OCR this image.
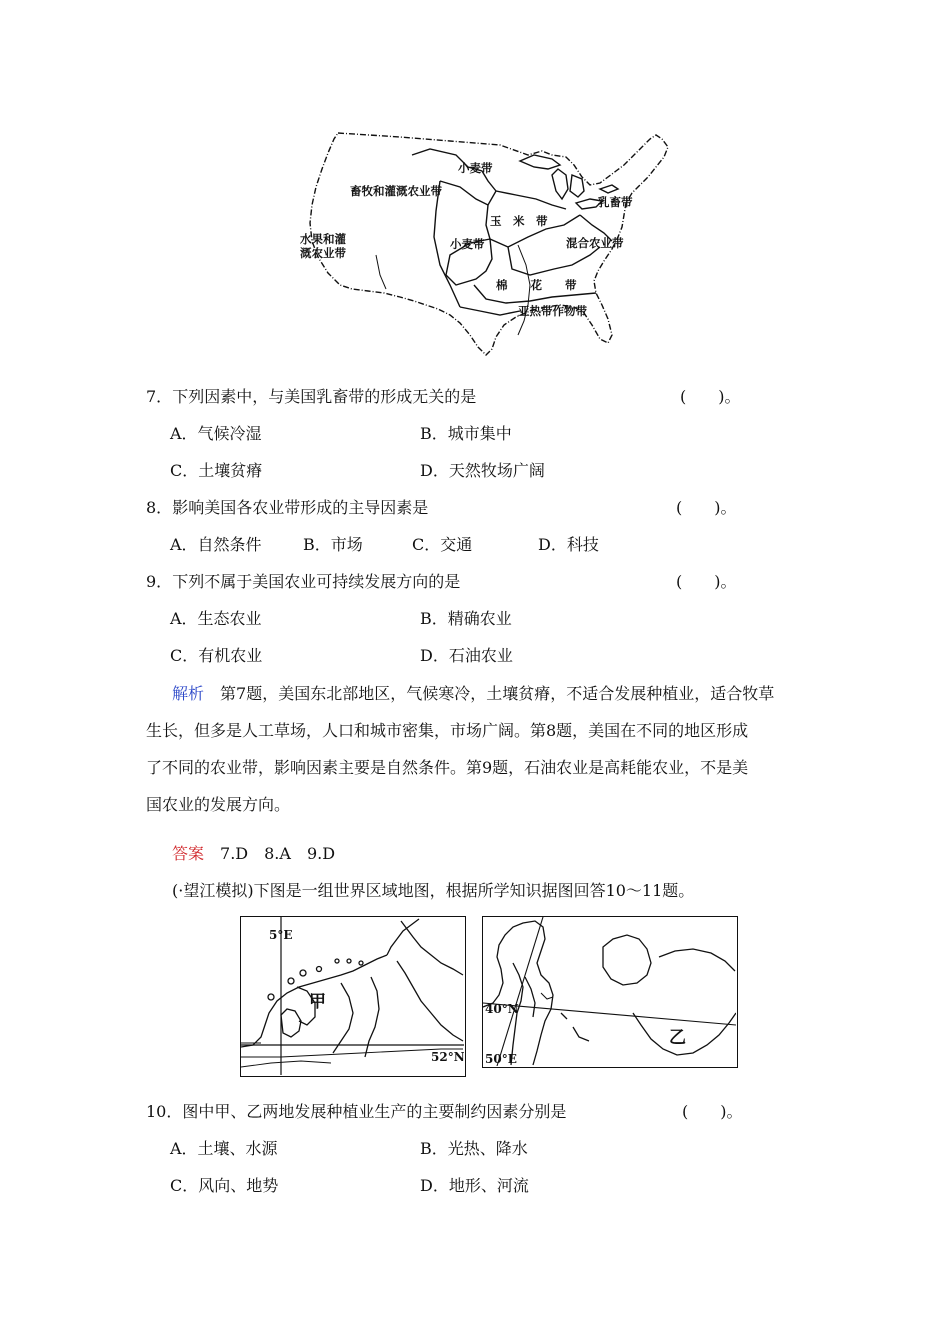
小麦带
畜牧和灌溉农业带
乳畜带
玉　米　带
水果和灌
溉农业带
小麦带	混合农业带
棉　　花　　带
亚热带作物带
7．下列因素中，与美国乳畜带的形成无关的是	(　　)。
A．气候冷湿	B．城市集中
C．土壤贫瘠	D．天然牧场广阔
8．影响美国各农业带形成的主导因素是	(　　)。
A．自然条件	B．市场	C．交通	D．科技
9．下列不属于美国农业可持续发展方向的是	(　　)。
A．生态农业	B．精确农业
C．有机农业	D．石油农业
解析　 第7题，美国东北部地区，气候寒冷，土壤贫瘠，不适合发展种植业，适合牧草
生长，但多是人工草场，人口和城市密集，市场广阔。第8题，美国在不同的地区形成
了不同的农业带，影响因素主要是自然条件。第9题，石油农业是高耗能农业，不是美
国农业的发展方向。
答案　 7.D　8.A　9.D
(·望江模拟)下图是一组世界区域地图，根据所学知识据图回答10～11题。
5°E
甲
52°N
40°N
50°E
乙
10．图中甲、乙两地发展种植业生产的主要制约因素分别是	(　　)。
A．土壤、水源	B．光热、降水
C．风向、地势	D．地形、河流
